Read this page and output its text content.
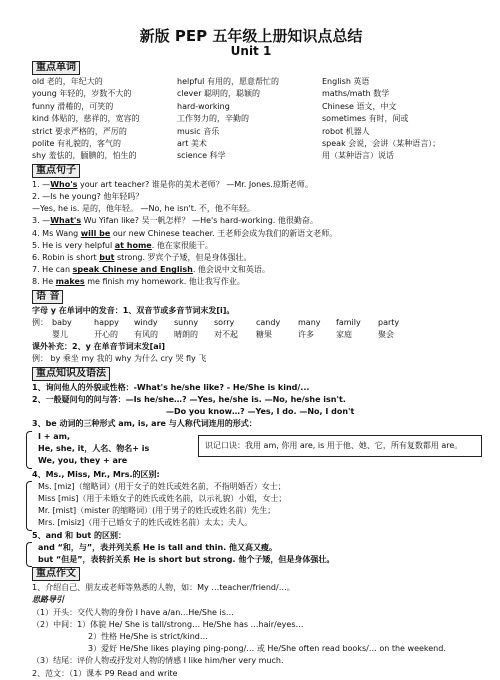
新版 PEP 五年级上册知识点总结
Unit 1
重点单词
old 老的，年纪大的	helpful 有用的，愿意帮忙的	English 英语
young 年轻的，岁数不大的	clever 聪明的，聪颖的	maths/math 数学
funny 滑稽的，可笑的	hard-working	Chinese 语文，中文
kind 体贴的，慈祥的，宽容的	工作努力的，辛勤的	sometimes 有时，间或
strict 要求严格的，严厉的	music 音乐	robot 机器人
polite 有礼貌的，客气的	art 美术	speak 会说，会讲（某种语言）；
shy 羞怯的，腼腆的，怕生的	science 科学	用（某种语言）说话
重点句子
1. —Who's your art teacher? 谁是你的美术老师？ —Mr. Jones.琼斯老师。
2. —Is he young? 他年轻吗？
—Yes, he is. 是的，他年轻。 —No, he isn't. 不，他不年轻。
3. —What's Wu Yifan like? 吴一帆怎样？ —He's hard-working. 他很勤奋。
4. Ms Wang will be our new Chinese teacher. 王老师会成为我们的新语文老师。
5. He is very helpful at home. 他在家很能干。
6. Robin is short but strong. 罗宾个子矮，但是身体强壮。
7. He can speak Chinese and English. 他会说中文和英语。
8. He makes me finish my homework. 他让我写作业。
语 音
字母 y 在单词中的发音：1、双音节或多音节词末发[i]。
例： baby	happy	windy	sunny	sorry	candy	many	family	party
婴儿	开心的	有风的	晴朗的	对不起	糖果	许多	家庭	聚会
课外补充：2、y 在单音节词末发[ai]
例： by 乘坐 my 我的 why 为什么 cry 哭 fly 飞
重点知识及语法
1、询问他人的外貌或性格：-What's he/she like? - He/She is kind/...
2、一般疑问句的问与答：—Is he/she…? —Yes, he/she is. —No, he/she isn't.
—Do you know…? —Yes, I do. —No, I don't
3、be 动词的三种形式 am, is, are 与人称代词连用的形式：
I + am,
He, she, it，人名、物名+ is
We, you, they + are
识记口诀：我用 am, 你用 are, is 用于他、她、它，所有复数都用 are。
4、Ms., Miss, Mr., Mrs.的区别:
Ms. [miz]（缩略词）(用于女子的姓氏或姓名前，不指明婚否）女士；
Miss [mis]（用于未婚女子的姓氏或姓名前，以示礼貌）小姐，女士；
Mr. [mist]（mister 的缩略词）(用于男子的姓氏或姓名前）先生；
Mrs. [misiz]（用于已婚女子的姓氏或姓名前）太太；夫人。
5、and 和 but 的区别：
and “和，与”，表并列关系 He is tall and thin. 他又高又瘦。
but “但是”，表转折关系 He is short but strong. 他个子矮，但是身体强壮。
重点作文
1、介绍自己、朋友或老师等熟悉的人物，如：My …teacher/friend/…。
思路导引
（1）开头：交代人物的身份 I have a/an…He/She is…
（2）中间：1）体貌 He/ She is tall/strong… He/She has …hair/eyes…
2）性格 He/She is strict/kind…
3）爱好 He/She likes playing ping-pong/… 或 He/She often read books/… on the weekend.
（3）结尾：评价人物或抒发对人物的情感 I like him/her very much.
2、范文：（1）课本 P9 Read and write
